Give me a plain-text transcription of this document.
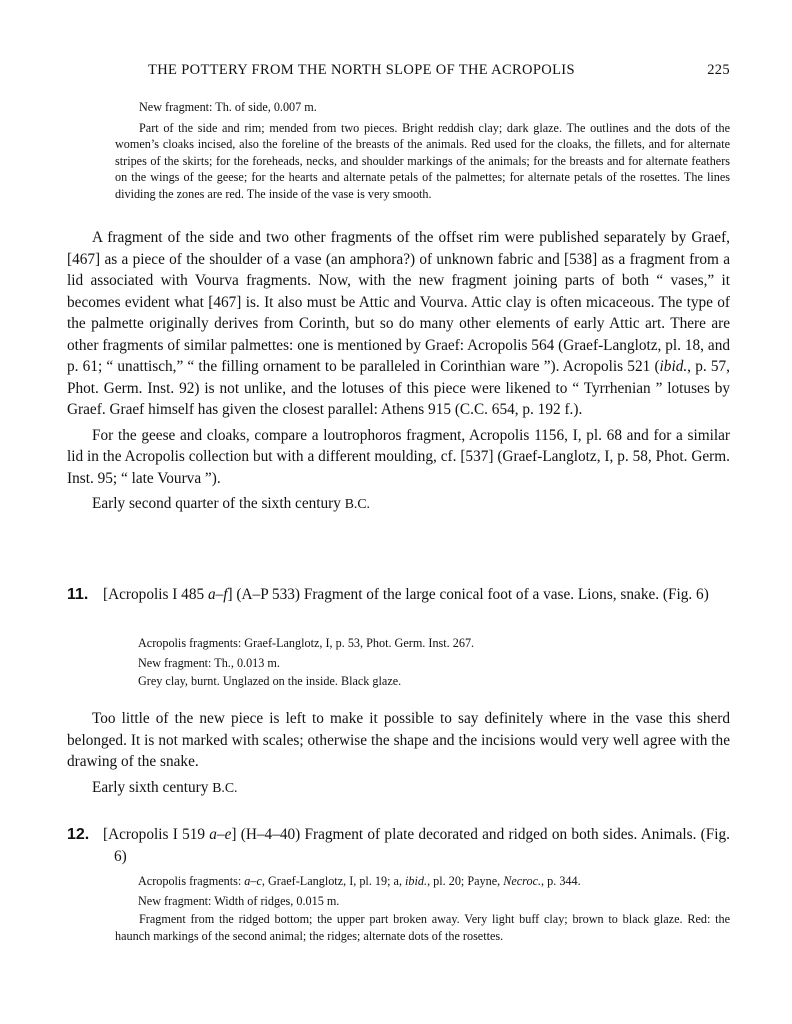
THE POTTERY FROM THE NORTH SLOPE OF THE ACROPOLIS	225

New fragment: Th. of side, 0.007 m.

Part of the side and rim; mended from two pieces. Bright reddish clay; dark glaze. The outlines and the dots of the women’s cloaks incised, also the foreline of the breasts of the animals. Red used for the cloaks, the fillets, and for alternate stripes of the skirts; for the foreheads, necks, and shoulder markings of the animals; for the breasts and for alternate feathers on the wings of the geese; for the hearts and alternate petals of the palmettes; for alternate petals of the rosettes. The lines dividing the zones are red. The inside of the vase is very smooth.

A fragment of the side and two other fragments of the offset rim were published separately by Graef, [467] as a piece of the shoulder of a vase (an amphora?) of unknown fabric and [538] as a fragment from a lid associated with Vourva fragments. Now, with the new fragment joining parts of both “ vases,” it becomes evident what [467] is. It also must be Attic and Vourva. Attic clay is often micaceous. The type of the palmette originally derives from Corinth, but so do many other elements of early Attic art. There are other fragments of similar palmettes: one is mentioned by Graef: Acropolis 564 (Graef-Langlotz, pl. 18, and p. 61; “ unattisch,” “ the filling ornament to be paralleled in Corinthian ware ”). Acropolis 521 (ibid., p. 57, Phot. Germ. Inst. 92) is not unlike, and the lotuses of this piece were likened to “ Tyrrhenian ” lotuses by Graef. Graef himself has given the closest parallel: Athens 915 (C.C. 654, p. 192 f.).

For the geese and cloaks, compare a loutrophoros fragment, Acropolis 1156, I, pl. 68 and for a similar lid in the Acropolis collection but with a different moulding, cf. [537] (Graef-Langlotz, I, p. 58, Phot. Germ. Inst. 95; “ late Vourva ”).

Early second quarter of the sixth century B.C.

11. [Acropolis I 485 a–f] (A–P 533) Fragment of the large conical foot of a vase. Lions, snake. (Fig. 6)

Acropolis fragments: Graef-Langlotz, I, p. 53, Phot. Germ. Inst. 267.

New fragment: Th., 0.013 m.

Grey clay, burnt. Unglazed on the inside. Black glaze.

Too little of the new piece is left to make it possible to say definitely where in the vase this sherd belonged. It is not marked with scales; otherwise the shape and the incisions would very well agree with the drawing of the snake.

Early sixth century B.C.

12. [Acropolis I 519 a–e] (H–4–40) Fragment of plate decorated and ridged on both sides. Animals. (Fig. 6)

Acropolis fragments: a–c, Graef-Langlotz, I, pl. 19; a, ibid., pl. 20; Payne, Necroc., p. 344.

New fragment: Width of ridges, 0.015 m.

Fragment from the ridged bottom; the upper part broken away. Very light buff clay; brown to black glaze. Red: the haunch markings of the second animal; the ridges; alternate dots of the rosettes.
